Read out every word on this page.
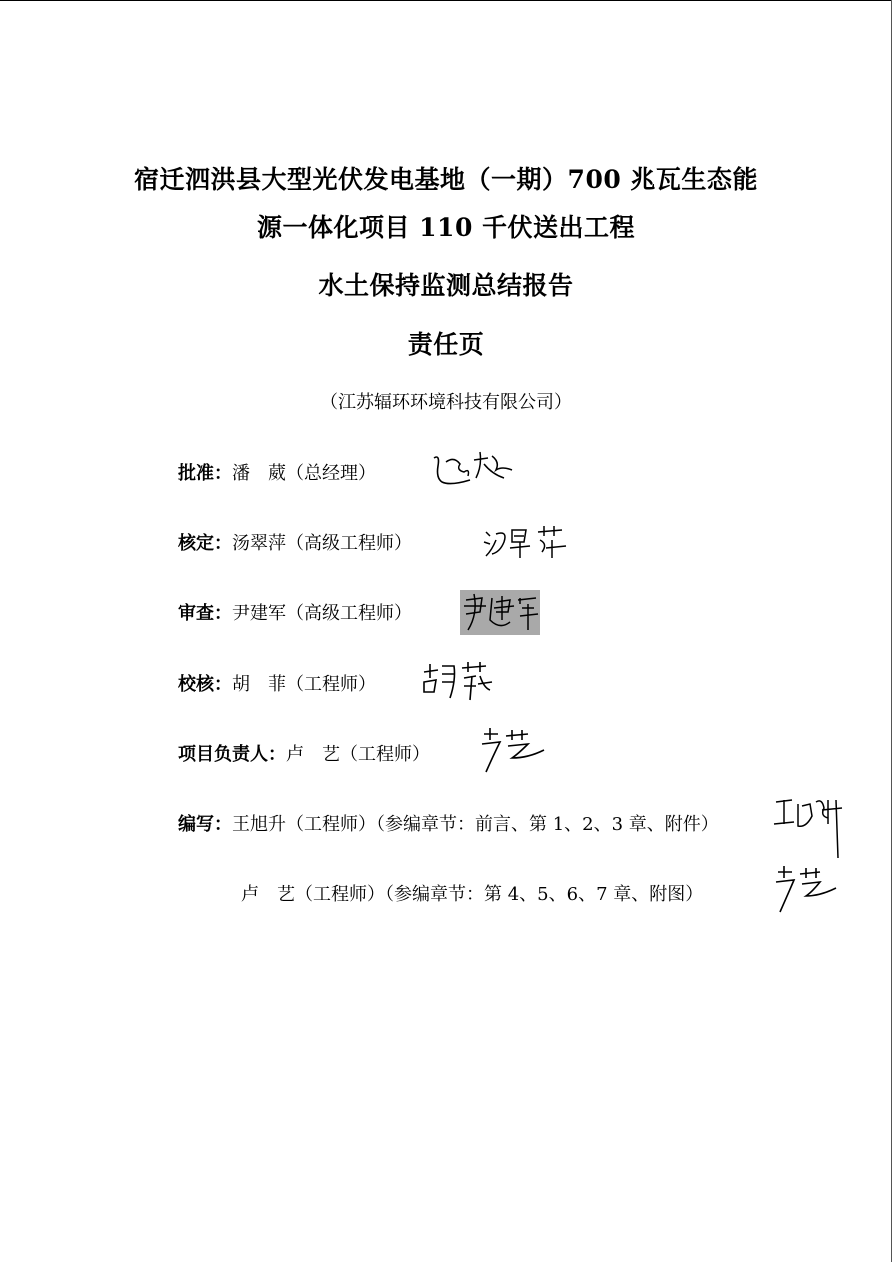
宿迁泗洪县大型光伏发电基地（一期）700 兆瓦生态能
源一体化项目 110 千伏送出工程
水土保持监测总结报告
责任页
（江苏辐环环境科技有限公司）
批准： 潘　葳（总经理）
核定： 汤翠萍（高级工程师）
审查： 尹建军（高级工程师）
校核： 胡　菲（工程师）
项目负责人： 卢　艺（工程师）
编写： 王旭升（工程师）（参编章节：前言、第 1、2、3 章、附件）
卢　艺（工程师）（参编章节：第 4、5、6、7 章、附图）
